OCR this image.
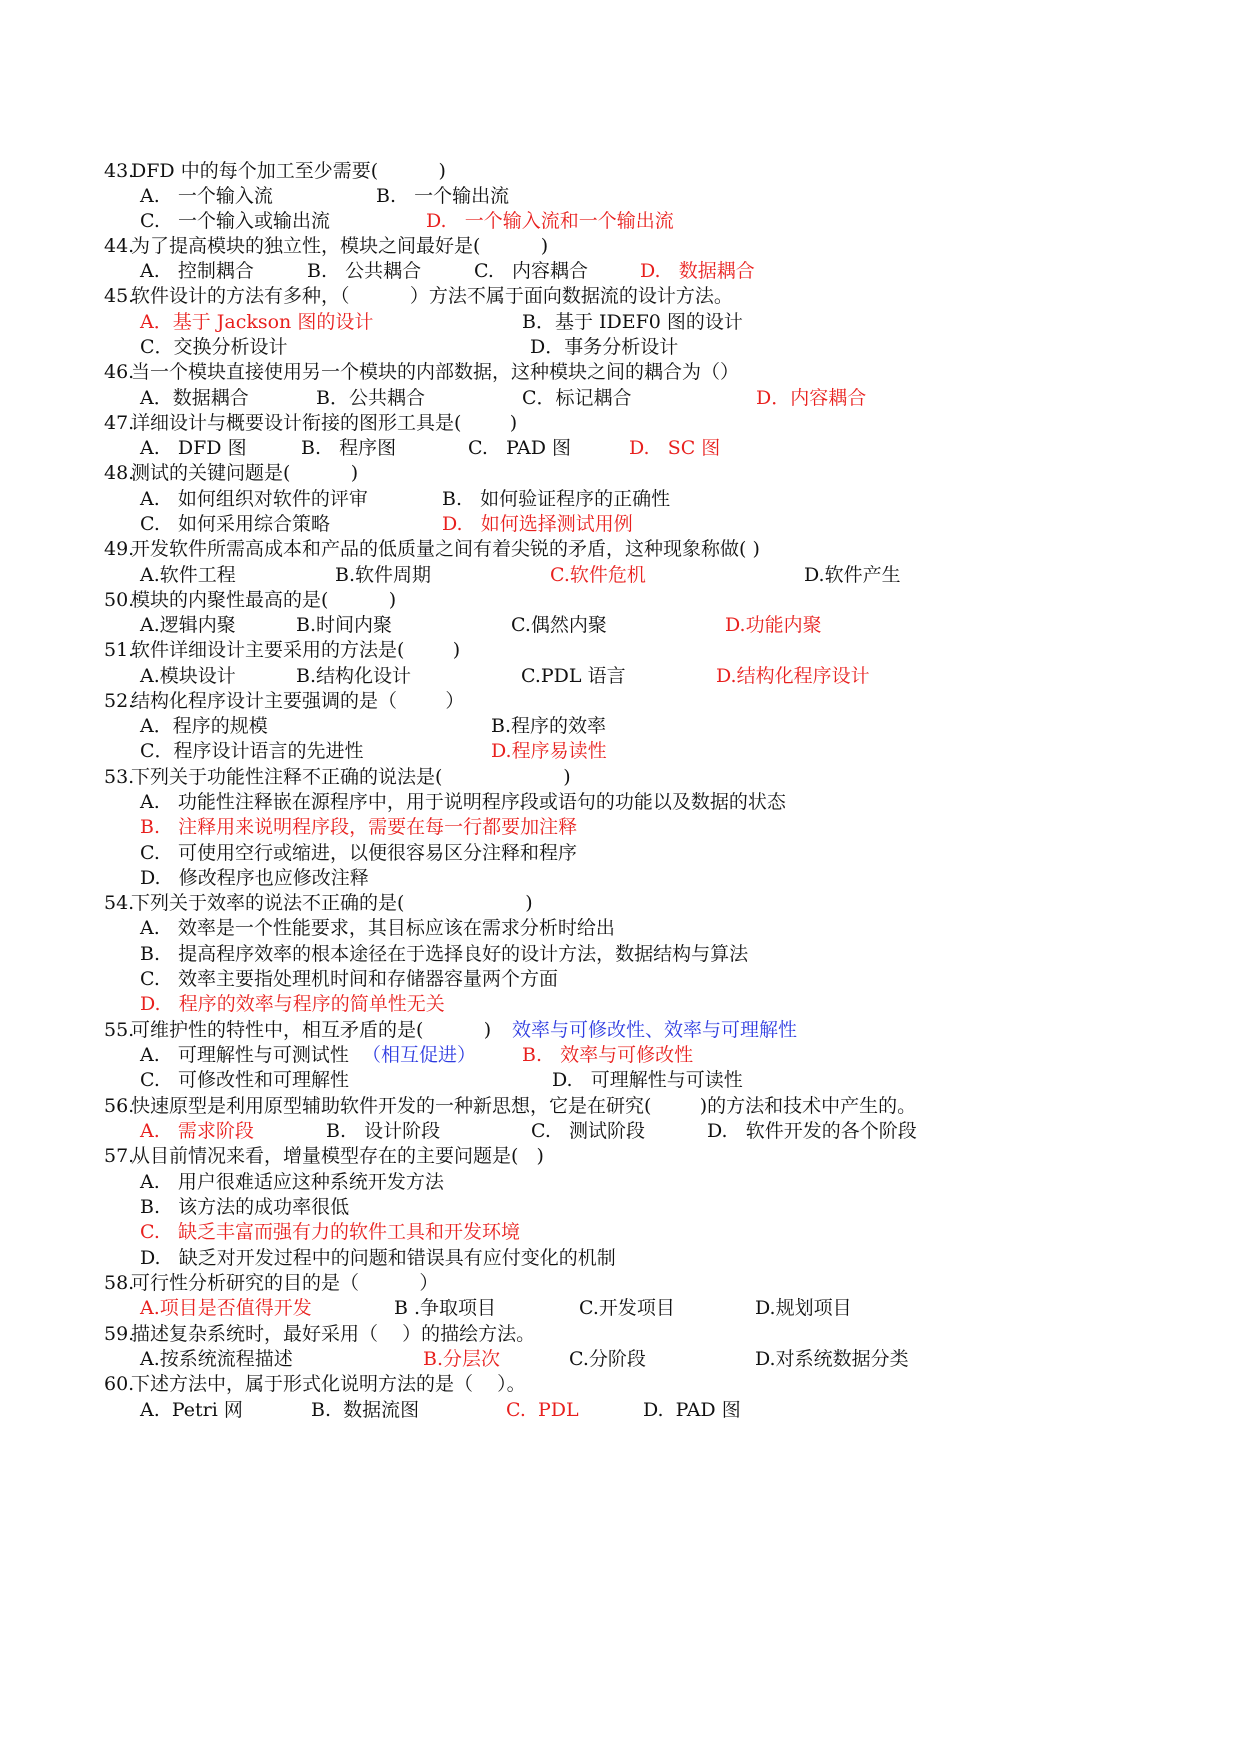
43.
DFD 中的每个加工至少需要(          )
A.   一个输入流	B.   一个输出流
C.   一个输入或输出流	D.   一个输入流和一个输出流
44.
为了提高模块的独立性，模块之间最好是(          )
A.   控制耦合	B.   公共耦合	C.   内容耦合	D.   数据耦合
45.
软件设计的方法有多种，（          ）方法不属于面向数据流的设计方法。
A．基于 Jackson 图的设计	B．基于 IDEF0 图的设计
C．交换分析设计	D．事务分析设计
46.
当一个模块直接使用另一个模块的内部数据，这种模块之间的耦合为（）
A．数据耦合	B．公共耦合	C．标记耦合	D．内容耦合
47.
详细设计与概要设计衔接的图形工具是(        )
A.   DFD 图	B.   程序图	C.   PAD 图	D.   SC 图
48.
测试的关键问题是(          )
A.   如何组织对软件的评审	B.   如何验证程序的正确性
C.   如何采用综合策略	D.   如何选择测试用例
49.
开发软件所需高成本和产品的低质量之间有着尖锐的矛盾，这种现象称做( )
A.软件工程	B.软件周期	C.软件危机	D.软件产生
50.
模块的内聚性最高的是(          )
A.逻辑内聚	B.时间内聚	C.偶然内聚	D.功能内聚
51.
软件详细设计主要采用的方法是(        )
A.模块设计	B.结构化设计	C.PDL 语言	D.结构化程序设计
52.
结构化程序设计主要强调的是（        ）
A．程序的规模	B.程序的效率
C．程序设计语言的先进性	D.程序易读性
53.
下列关于功能性注释不正确的说法是(                    )
A.   功能性注释嵌在源程序中，用于说明程序段或语句的功能以及数据的状态
B.   注释用来说明程序段，需要在每一行都要加注释
C.   可使用空行或缩进，以便很容易区分注释和程序
D.   修改程序也应修改注释
54.
下列关于效率的说法不正确的是(                    )
A.   效率是一个性能要求，其目标应该在需求分析时给出
B.   提高程序效率的根本途径在于选择良好的设计方法，数据结构与算法
C.   效率主要指处理机时间和存储器容量两个方面
D.   程序的效率与程序的简单性无关
55.
可维护性的特性中，相互矛盾的是(          ) 效率与可修改性、效率与可理解性
A.   可理解性与可测试性 （相互促进） B.   效率与可修改性
C.   可修改性和可理解性	D.   可理解性与可读性
56.
快速原型是利用原型辅助软件开发的一种新思想，它是在研究(        )的方法和技术中产生的。
A.   需求阶段	B.   设计阶段	C.   测试阶段	D.   软件开发的各个阶段
57.
从目前情况来看，增量模型存在的主要问题是(   )
A.   用户很难适应这种系统开发方法
B.   该方法的成功率很低
C.   缺乏丰富而强有力的软件工具和开发环境
D.   缺乏对开发过程中的问题和错误具有应付变化的机制
58.
可行性分析研究的目的是（          ）
A.项目是否值得开发	B .争取项目	C.开发项目	D.规划项目
59.
描述复杂系统时，最好采用（    ）的描绘方法。
A.按系统流程描述	B.分层次	C.分阶段	D.对系统数据分类
60.
下述方法中，属于形式化说明方法的是（    ）。
A.  Petri 网	B.  数据流图	C.  PDL	D.  PAD 图
